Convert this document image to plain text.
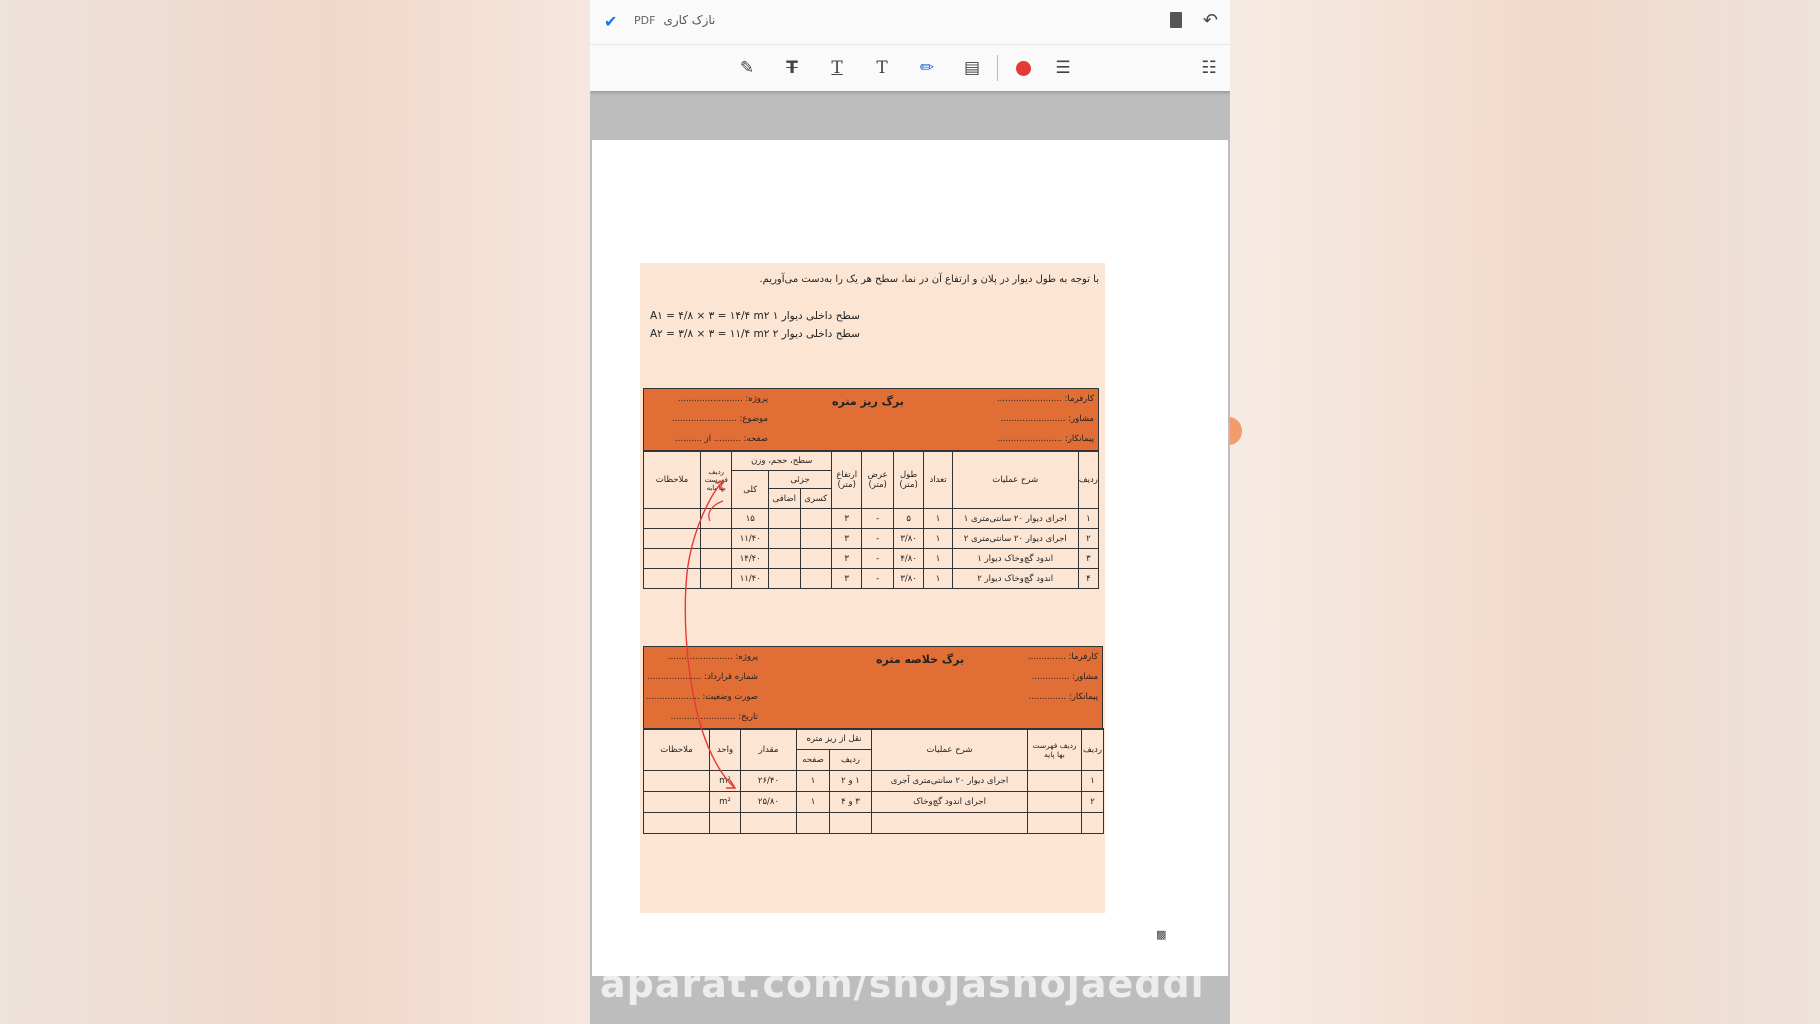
✔	نازک کاریPDF	↶
✎ T T T ✏ ▤	☰	☷
با توجه به طول دیوار در پلان و ارتفاع آن در نما، سطح هر یک را به‌دست می‌آوریم.
سطح داخلی دیوار ۱ A۱ = ۴/۸ × ۳ = ۱۴/۴ m۲
سطح داخلی دیوار ۲ A۲ = ۳/۸ × ۳ = ۱۱/۴ m۲
برگ ریز متره	کارفرما: ........................
مشاور: ........................
پیمانکار: ........................
پروژه: ........................
موضوع: ........................
صفحه: .......... از ..........
ردیف	شرح عملیات	تعداد	طول (متر)	عرض (متر)	ارتفاع (متر)	سطح، حجم، وزن			ردیف فهرست بها پایه	ملاحظات
						جزئی		کلی		
						کسری	اضافی			
۱	اجرای دیوار ۲۰ سانتی‌متری ۱	۱	۵	-	۳			۱۵		
۲	اجرای دیوار ۲۰ سانتی‌متری ۲	۱	۳/۸۰	-	۳			۱۱/۴۰		
۳	اندود گچ‌وخاک دیوار ۱	۱	۴/۸۰	-	۳			۱۴/۴۰		
۴	اندود گچ‌وخاک دیوار ۲	۱	۳/۸۰	-	۳			۱۱/۴۰		
برگ خلاصه متره	کارفرما: ..............
مشاور: ..............
پیمانکار: ..............
پروژه: ........................
شماره قرارداد: ....................
صورت وضعیت: ....................
تاریخ: ........................
ردیف	ردیف فهرست بها پایه	شرح عملیات	نقل از ریز متره		مقدار	واحد	ملاحظات
			ردیف	صفحه			
۱		اجرای دیوار ۲۰ سانتی‌متری آجری	۱ و ۲	۱	۲۶/۴۰	m²	
۲		اجرای اندود گچ‌وخاک	۳ و ۴	۱	۲۵/۸۰	m²	

▩
aparat.com/shojashojaeddi
